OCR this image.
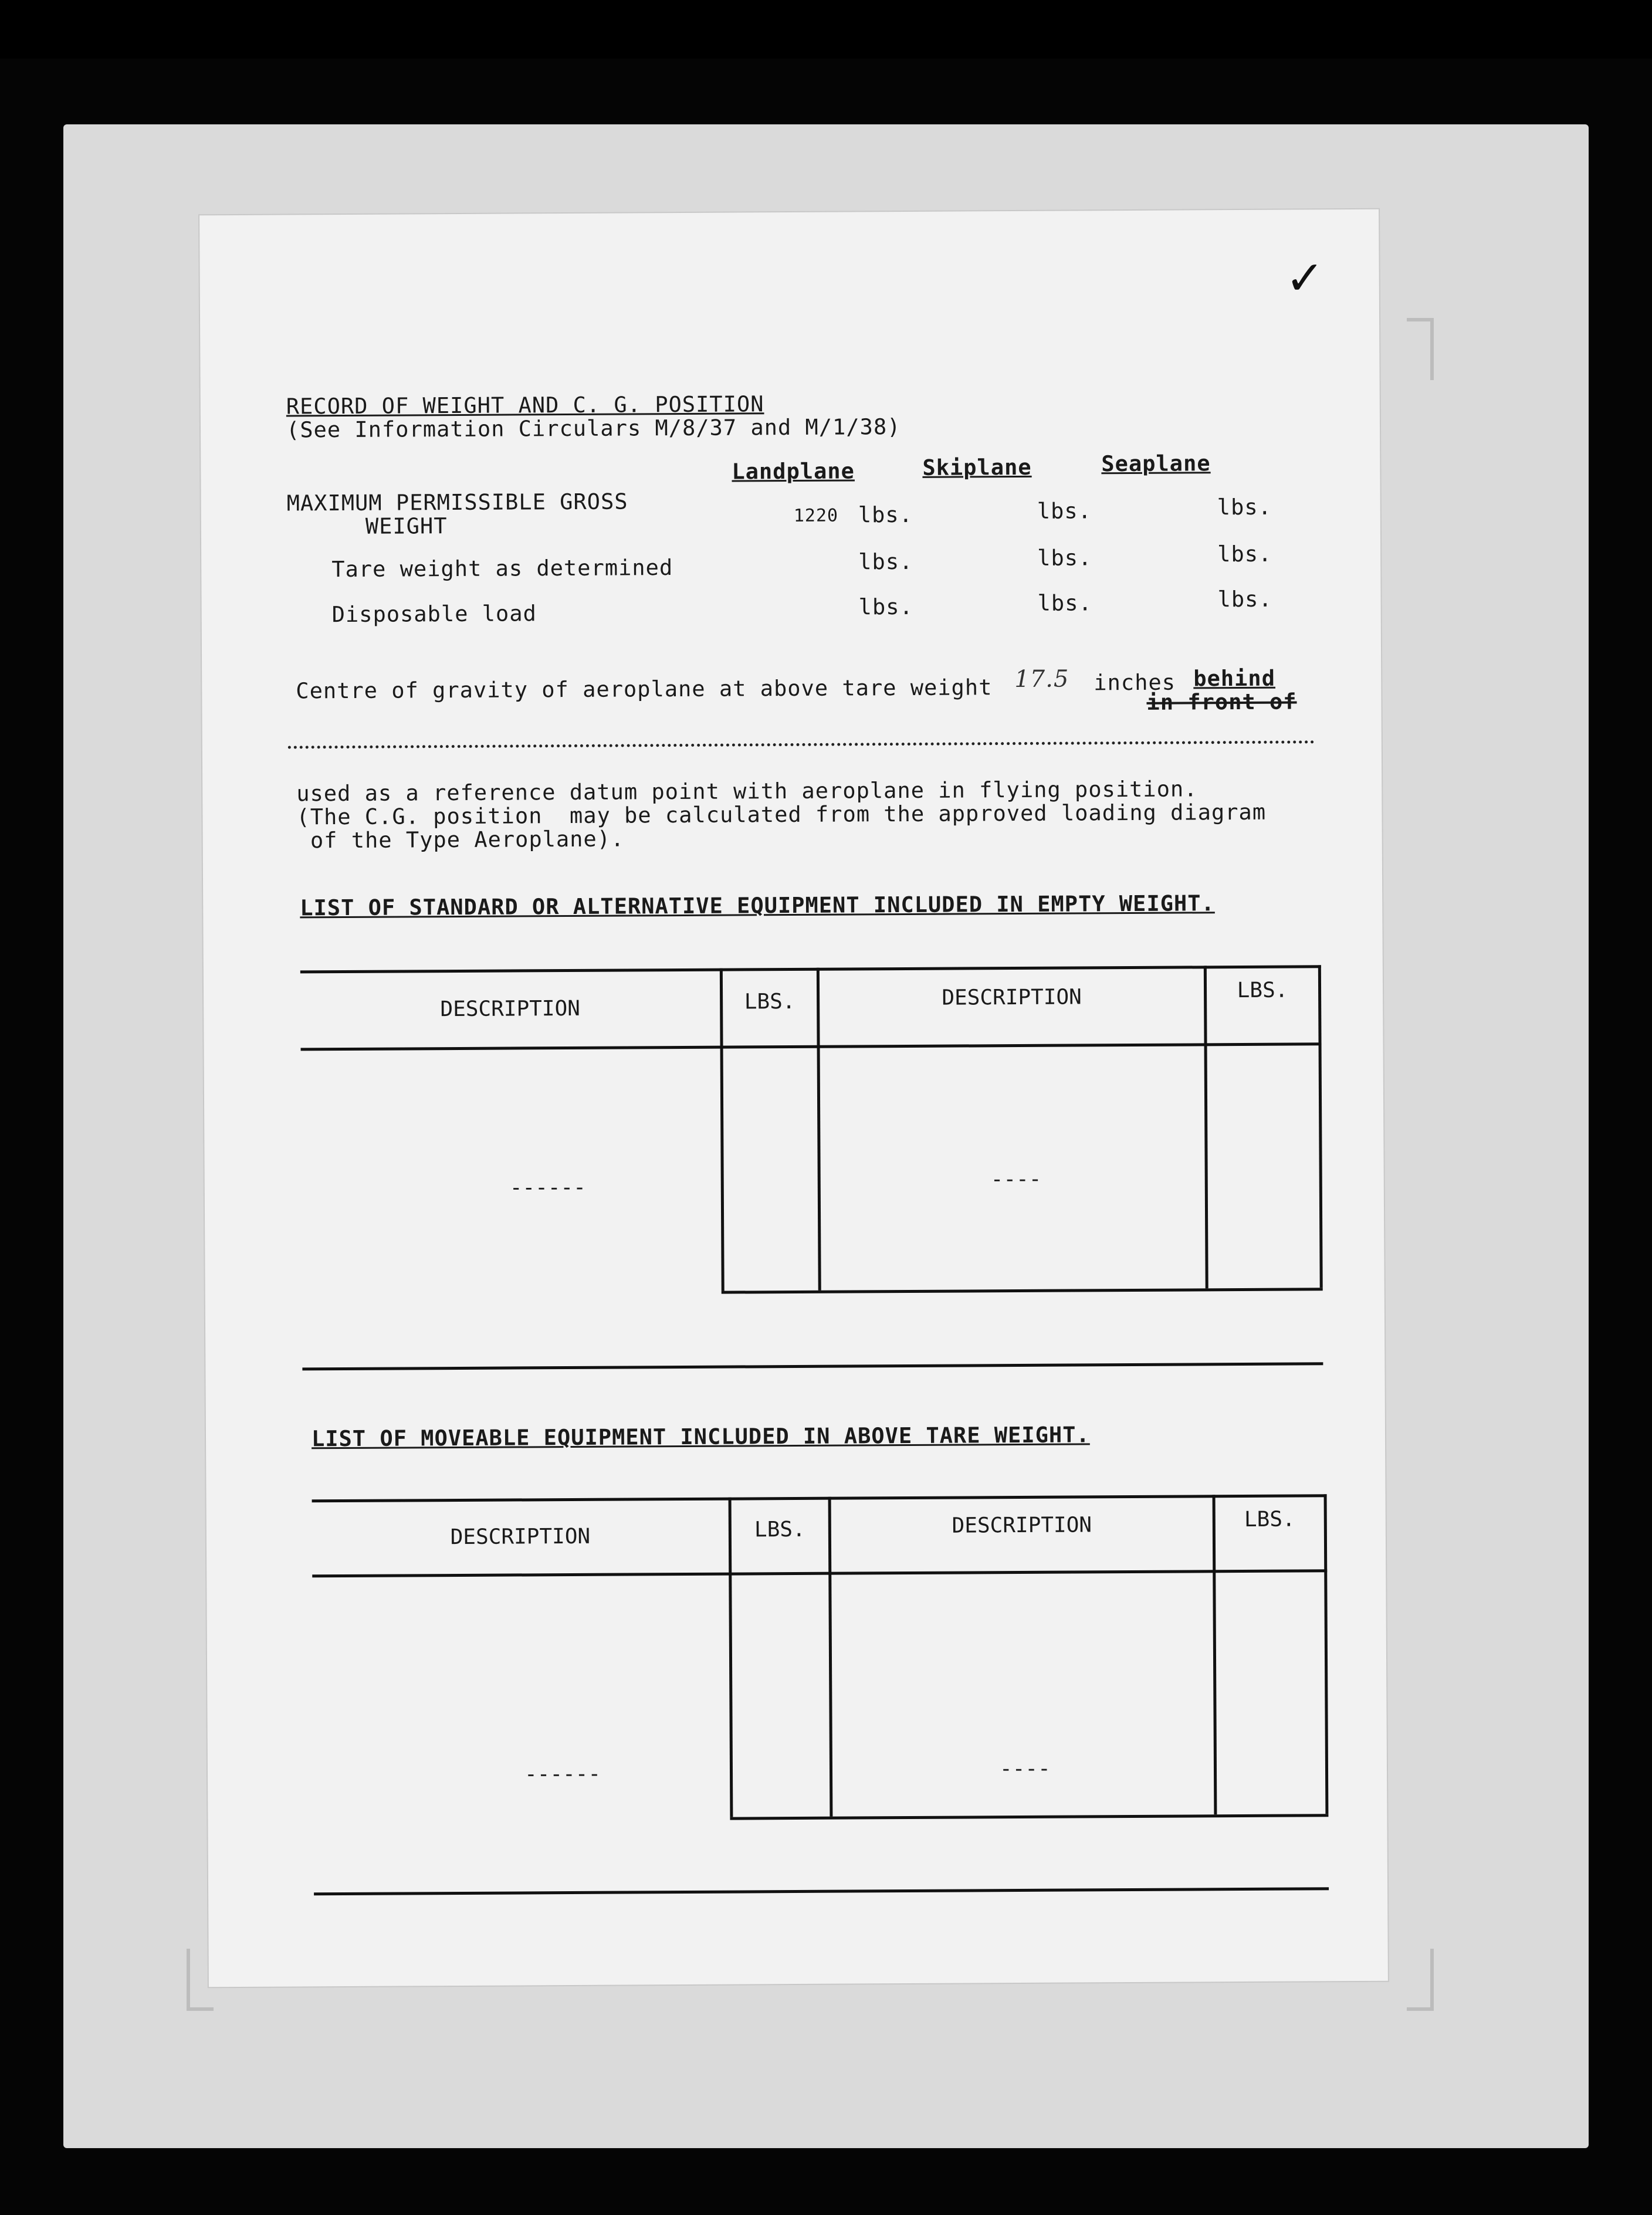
✓
RECORD OF WEIGHT AND C. G. POSITION
(See Information Circulars M/8/37 and M/1/38)
Landplane	Skiplane	Seaplane
MAXIMUM PERMISSIBLE GROSS
WEIGHT	1220 lbs.	lbs.	lbs.
Tare weight as determined	lbs.	lbs.	lbs.
Disposable load	lbs.	lbs.	lbs.
Centre of gravity of aeroplane at above tare weight 17.5 inches behind
in front of
used as a reference datum point with aeroplane in flying position.
(The C.G. position  may be calculated from the approved loading diagram
of the Type Aeroplane).
LIST OF STANDARD OR ALTERNATIVE EQUIPMENT INCLUDED IN EMPTY WEIGHT.
DESCRIPTION	LBS.	DESCRIPTION	LBS.
------	----
LIST OF MOVEABLE EQUIPMENT INCLUDED IN ABOVE TARE WEIGHT.
DESCRIPTION	LBS.	DESCRIPTION	LBS.
------	----
